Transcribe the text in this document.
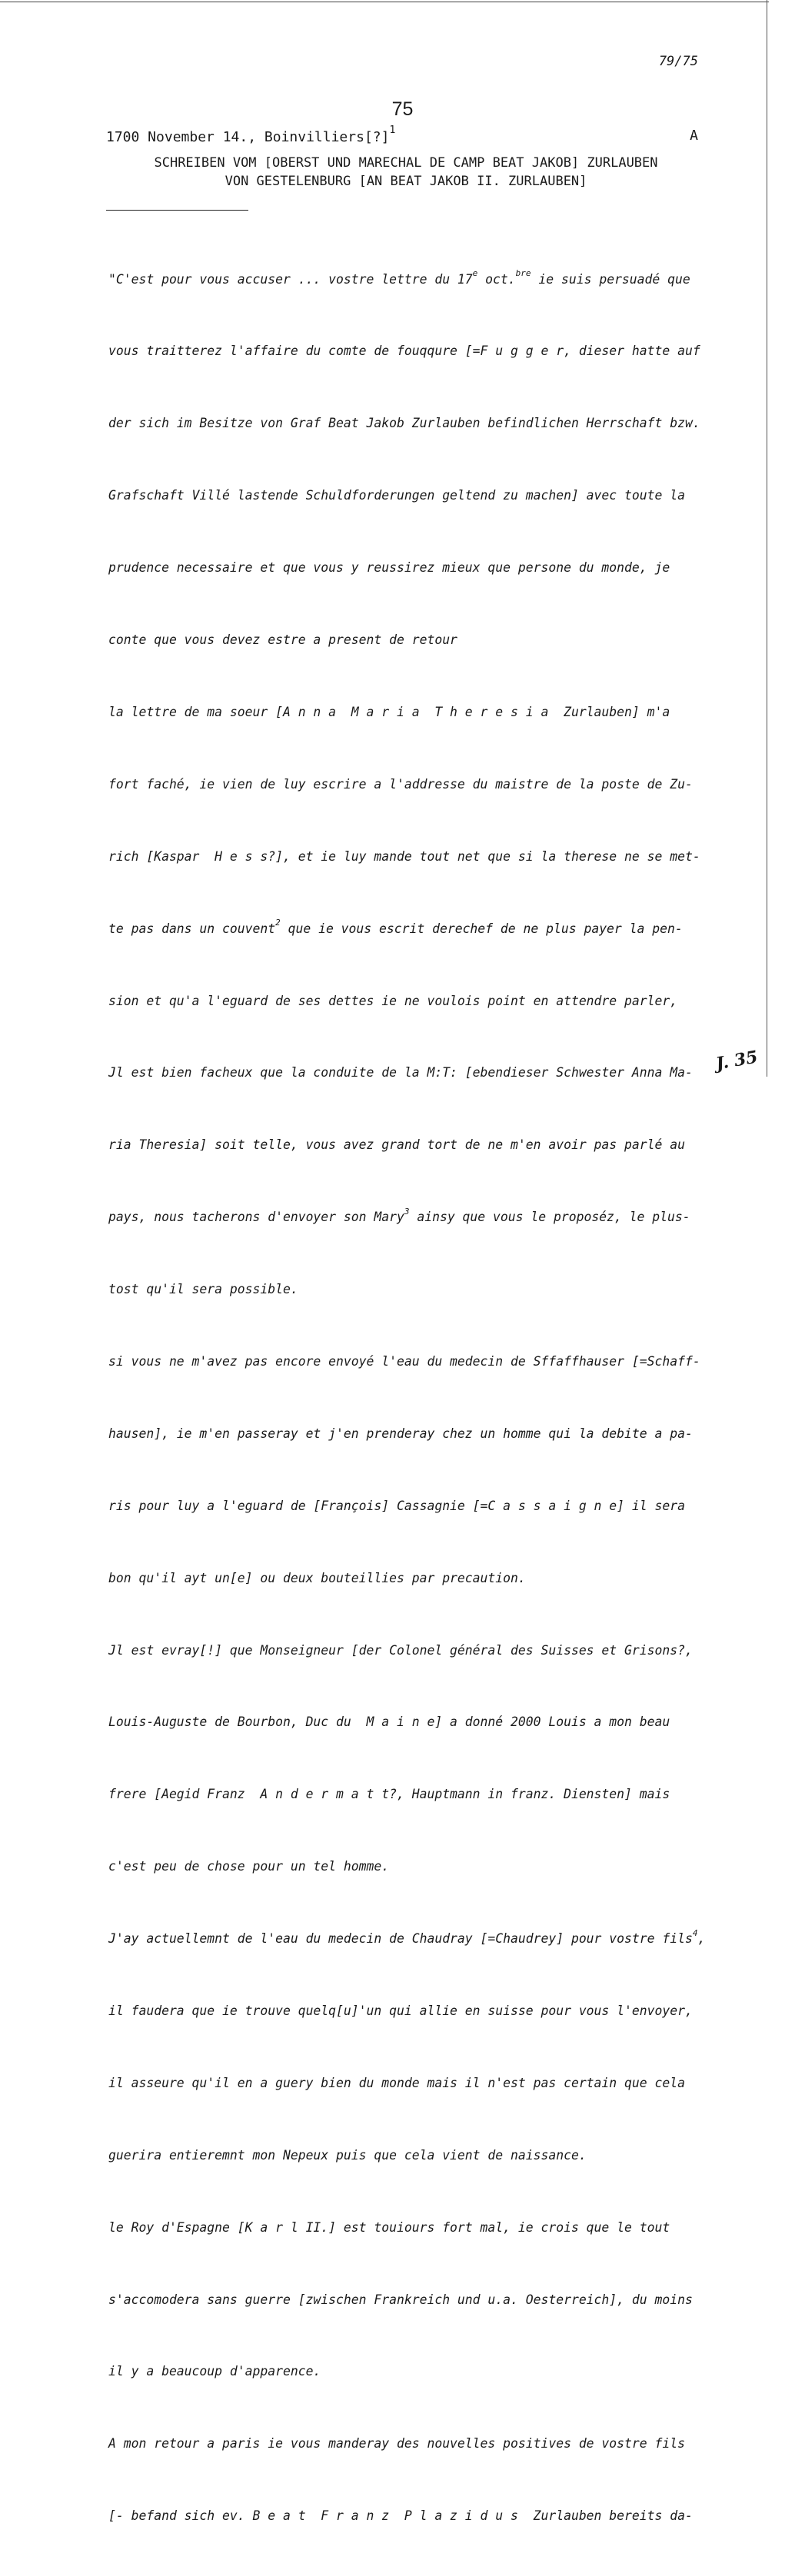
79/75
75
1700 November 14., Boinvilliers[?]$^1$	A
SCHREIBEN VOM [OBERST UND MARECHAL DE CAMP BEAT JAKOB] ZURLAUBEN
VON GESTELENBURG [AN BEAT JAKOB II. ZURLAUBEN]

"C'est pour vous accuser ... vostre lettre du 17e oct.$^{bre}$ ie suis persuadé que

vous traitterez l'affaire du comte de fouqqure [=F u g g e r, dieser hatte auf

der sich im Besitze von Graf Beat Jakob Zurlauben befindlichen Herrschaft bzw.

Grafschaft Villé lastende Schuldforderungen geltend zu machen] avec toute la

prudence necessaire et que vous y reussirez mieux que persone du monde, je

conte que vous devez estre a present de retour

la lettre de ma soeur [A n n a  M a r i a  T h e r e s i a  Zurlauben] m'a

fort faché, ie vien de luy escrire a l'addresse du maistre de la poste de Zu-

rich [Kaspar  H e s s?], et ie luy mande tout net que si la therese ne se met-

te pas dans un couvent$^2$ que ie vous escrit derechef de ne plus payer la pen-

sion et qu'a l'eguard de ses dettes ie ne voulois point en attendre parler,

Jl est bien facheux que la conduite de la M:T: [ebendieser Schwester Anna Ma-

ria Theresia] soit telle, vous avez grand tort de ne m'en avoir pas parlé au

pays, nous tacherons d'envoyer son Mary$^3$ ainsy que vous le proposéz, le plus-

tost qu'il sera possible.

si vous ne m'avez pas encore envoyé l'eau du medecin de Sffaffhauser [=Schaff-

hausen], ie m'en passeray et j'en prenderay chez un homme qui la debite a pa-

ris pour luy a l'eguard de [François] Cassagnie [=C a s s a i g n e] il sera

bon qu'il ayt un[e] ou deux bouteillies par precaution.

Jl est evray[!] que Monseigneur [der Colonel général des Suisses et Grisons?,

Louis-Auguste de Bourbon, Duc du  M a i n e] a donné 2000 Louis a mon beau

frere [Aegid Franz  A n d e r m a t t?, Hauptmann in franz. Diensten] mais

c'est peu de chose pour un tel homme.

J'ay actuellemnt de l'eau du medecin de Chaudray [=Chaudrey] pour vostre fils$^4$,

il faudera que ie trouve quelq[u]'un qui allie en suisse pour vous l'envoyer,

il asseure qu'il en a guery bien du monde mais il n'est pas certain que cela

guerira entieremnt mon Nepeux puis que cela vient de naissance.

le Roy d'Espagne [K a r l II.] est touiours fort mal, ie crois que le tout

s'accomodera sans guerre [zwischen Frankreich und u.a. Oesterreich], du moins

il y a beaucoup d'apparence.

A mon retour a paris ie vous manderay des nouvelles positives de vostre fils

[- befand sich ev. B e a t  F r a n z  P l a z i d u s  Zurlauben bereits da-

J. 35
